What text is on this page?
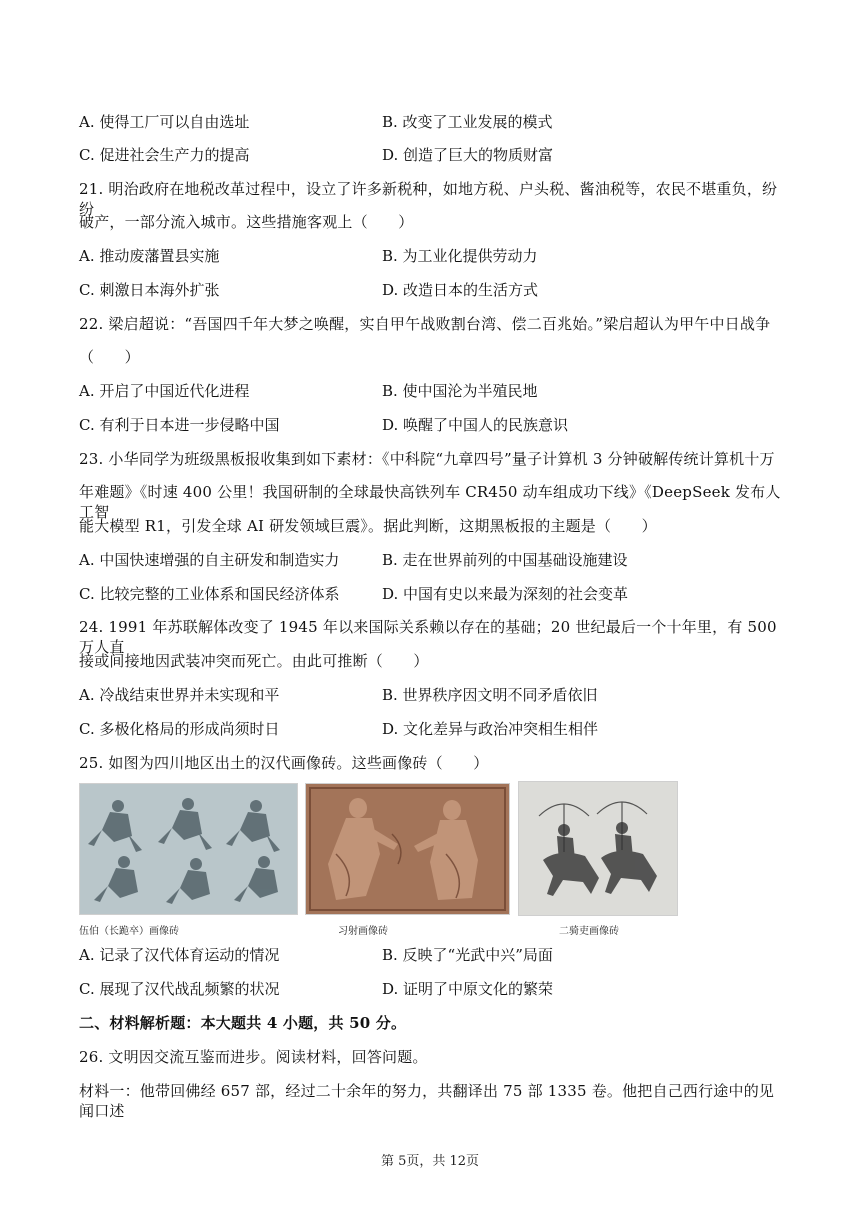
A. 使得工厂可以自由选址	B. 改变了工业发展的模式
C. 促进社会生产力的提高	D. 创造了巨大的物质财富
21. 明治政府在地税改革过程中，设立了许多新税种，如地方税、户头税、酱油税等，农民不堪重负，纷纷
破产，一部分流入城市。这些措施客观上（　　）
A. 推动废藩置县实施	B. 为工业化提供劳动力
C. 刺激日本海外扩张	D. 改造日本的生活方式
22. 梁启超说：“吾国四千年大梦之唤醒，实自甲午战败割台湾、偿二百兆始。”梁启超认为甲午中日战争
（　　）
A. 开启了中国近代化进程	B. 使中国沦为半殖民地
C. 有利于日本进一步侵略中国	D. 唤醒了中国人的民族意识
23. 小华同学为班级黑板报收集到如下素材：《中科院“九章四号”量子计算机 3 分钟破解传统计算机十万
年难题》《时速 400 公里！我国研制的全球最快高铁列车 CR450 动车组成功下线》《DeepSeek 发布人工智
能大模型 R1，引发全球 AI 研发领域巨震》。据此判断，这期黑板报的主题是（　　）
A. 中国快速增强的自主研发和制造实力	B. 走在世界前列的中国基础设施建设
C. 比较完整的工业体系和国民经济体系	D. 中国有史以来最为深刻的社会变革
24. 1991 年苏联解体改变了 1945 年以来国际关系赖以存在的基础；20 世纪最后一个十年里，有 500 万人直
接或间接地因武装冲突而死亡。由此可推断（　　）
A. 冷战结束世界并未实现和平	B. 世界秩序因文明不同矛盾依旧
C. 多极化格局的形成尚须时日	D. 文化差异与政治冲突相生相伴
25. 如图为四川地区出土的汉代画像砖。这些画像砖（　　）
伍伯（长跪卒）画像砖	习射画像砖	二骑吏画像砖
A. 记录了汉代体育运动的情况	B. 反映了“光武中兴”局面
C. 展现了汉代战乱频繁的状况	D. 证明了中原文化的繁荣
二、材料解析题：本大题共 4 小题，共 50 分。
26. 文明因交流互鉴而进步。阅读材料，回答问题。
材料一：他带回佛经 657 部，经过二十余年的努力，共翻译出 75 部 1335 卷。他把自己西行途中的见闻口述
第 5页，共 12页
